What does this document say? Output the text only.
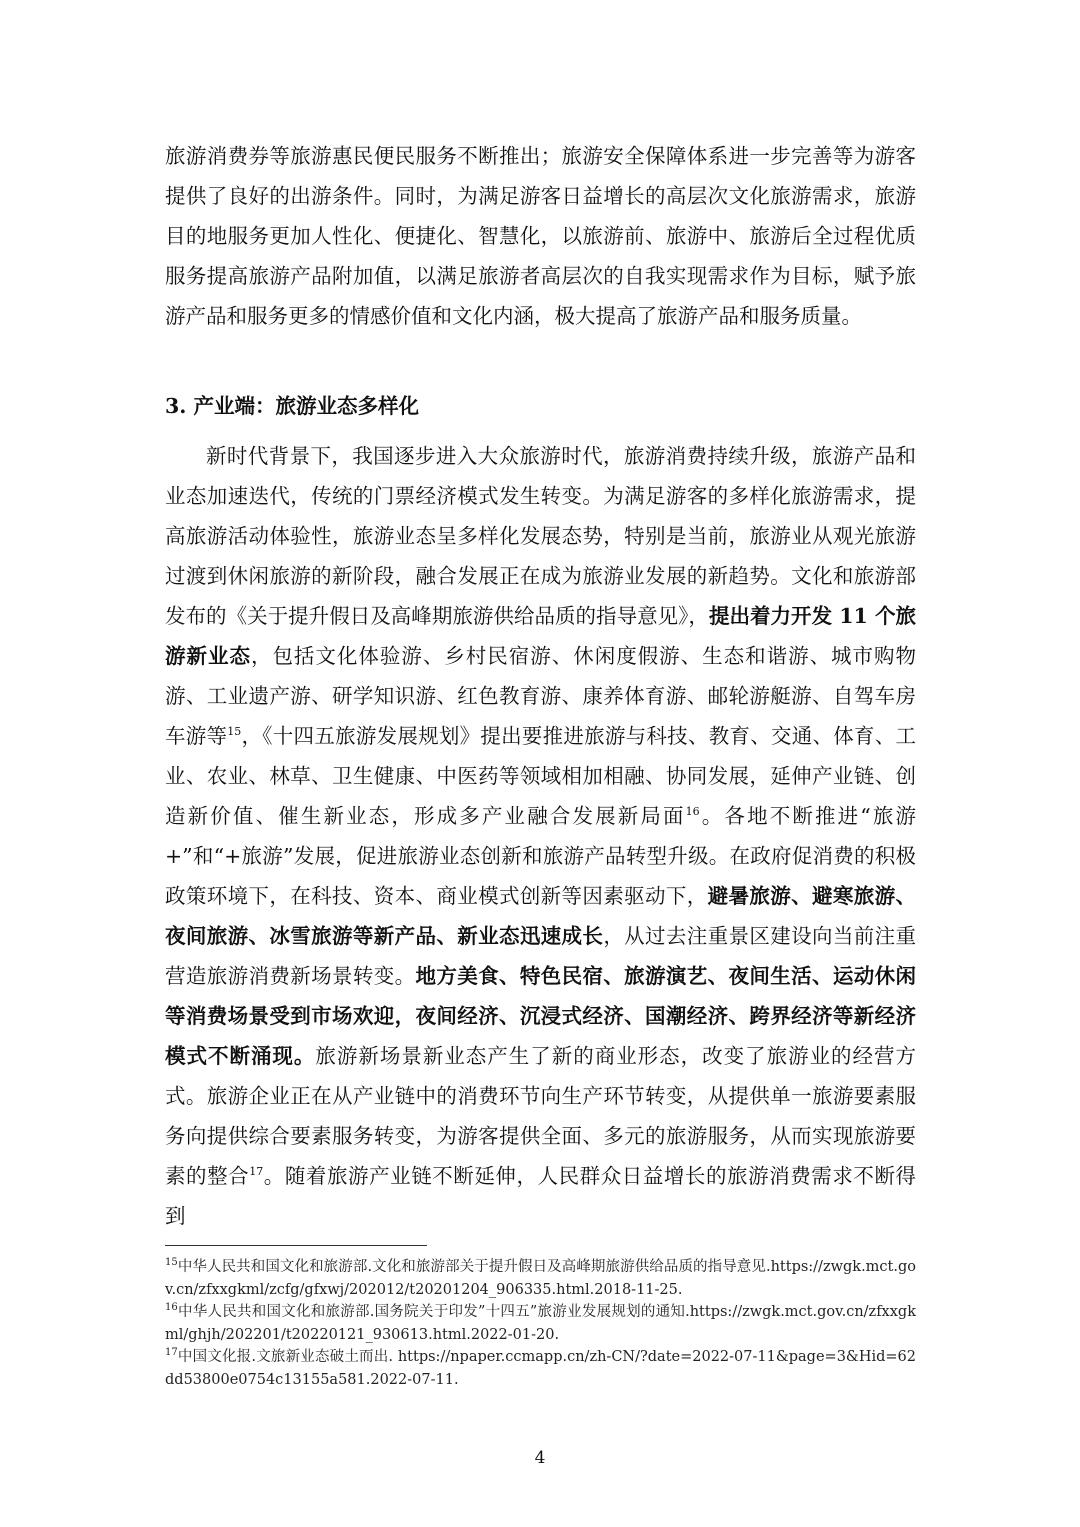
旅游消费券等旅游惠民便民服务不断推出；旅游安全保障体系进一步完善等为游客提供了良好的出游条件。同时，为满足游客日益增长的高层次文化旅游需求，旅游目的地服务更加人性化、便捷化、智慧化，以旅游前、旅游中、旅游后全过程优质服务提高旅游产品附加值，以满足旅游者高层次的自我实现需求作为目标，赋予旅游产品和服务更多的情感价值和文化内涵，极大提高了旅游产品和服务质量。

3. 产业端：旅游业态多样化

新时代背景下，我国逐步进入大众旅游时代，旅游消费持续升级，旅游产品和业态加速迭代，传统的门票经济模式发生转变。为满足游客的多样化旅游需求，提高旅游活动体验性，旅游业态呈多样化发展态势，特别是当前，旅游业从观光旅游过渡到休闲旅游的新阶段，融合发展正在成为旅游业发展的新趋势。文化和旅游部发布的《关于提升假日及高峰期旅游供给品质的指导意见》，提出着力开发 11 个旅游新业态，包括文化体验游、乡村民宿游、休闲度假游、生态和谐游、城市购物游、工业遗产游、研学知识游、红色教育游、康养体育游、邮轮游艇游、自驾车房车游等$^{15}$，《十四五旅游发展规划》提出要推进旅游与科技、教育、交通、体育、工业、农业、林草、卫生健康、中医药等领域相加相融、协同发展，延伸产业链、创造新价值、催生新业态，形成多产业融合发展新局面$^{16}$。各地不断推进“旅游+”和“+旅游”发展，促进旅游业态创新和旅游产品转型升级。在政府促消费的积极政策环境下，在科技、资本、商业模式创新等因素驱动下，避暑旅游、避寒旅游、夜间旅游、冰雪旅游等新产品、新业态迅速成长，从过去注重景区建设向当前注重营造旅游消费新场景转变。地方美食、特色民宿、旅游演艺、夜间生活、运动休闲等消费场景受到市场欢迎，夜间经济、沉浸式经济、国潮经济、跨界经济等新经济模式不断涌现。旅游新场景新业态产生了新的商业形态，改变了旅游业的经营方式。旅游企业正在从产业链中的消费环节向生产环节转变，从提供单一旅游要素服务向提供综合要素服务转变，为游客提供全面、多元的旅游服务，从而实现旅游要素的整合$^{17}$。随着旅游产业链不断延伸，人民群众日益增长的旅游消费需求不断得到

$^{15}$中华人民共和国文化和旅游部.文化和旅游部关于提升假日及高峰期旅游供给品质的指导意见.https://zwgk.mct.gov.cn/zfxxgkml/zcfg/gfxwj/202012/t20201204_906335.html.2018-11-25.

$^{16}$中华人民共和国文化和旅游部.国务院关于印发”十四五”旅游业发展规划的通知.https://zwgk.mct.gov.cn/zfxxgkml/ghjh/202201/t20220121_930613.html.2022-01-20.

$^{17}$中国文化报.文旅新业态破土而出. https://npaper.ccmapp.cn/zh-CN/?date=2022-07-11&page=3&Hid=62dd53800e0754c13155a581.2022-07-11.

4
